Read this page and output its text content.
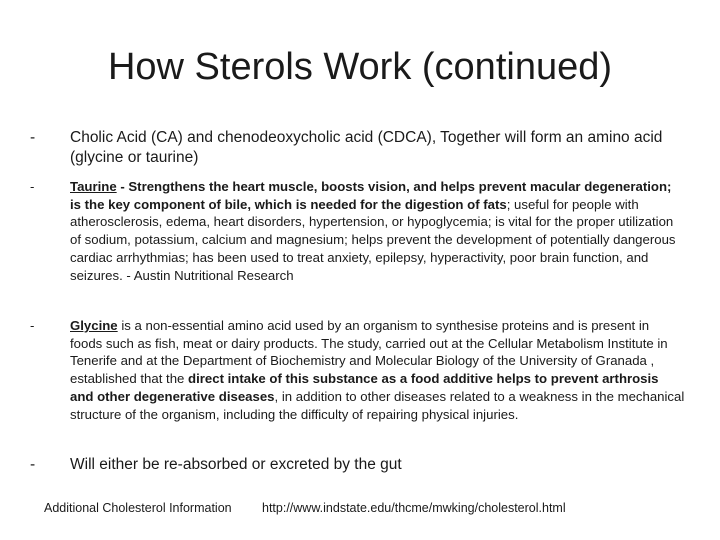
How Sterols Work (continued)
- Cholic Acid (CA) and chenodeoxycholic acid (CDCA), Together will form an amino acid (glycine or taurine)
-	Taurine - Strengthens the heart muscle, boosts vision, and helps prevent macular degeneration; is the key component of bile, which is needed for the digestion of fats; useful for people with atherosclerosis, edema, heart disorders, hypertension, or hypoglycemia; is vital for the proper utilization of sodium, potassium, calcium and magnesium; helps prevent the development of potentially dangerous cardiac arrhythmias; has been used to treat anxiety, epilepsy, hyperactivity, poor brain function, and seizures. - Austin Nutritional Research
-	Glycine is a non-essential amino acid used by an organism to synthesise proteins and is present in foods such as fish, meat or dairy products. The study, carried out at the Cellular Metabolism Institute in Tenerife and at the Department of Biochemistry and Molecular Biology of the University of Granada , established that the direct intake of this substance as a food additive helps to prevent arthrosis and other degenerative diseases, in addition to other diseases related to a weakness in the mechanical structure of the organism, including the difficulty of repairing physical injuries.
- Will either be re-absorbed or excreted by the gut
Additional Cholesterol Information http://www.indstate.edu/thcme/mwking/cholesterol.html
